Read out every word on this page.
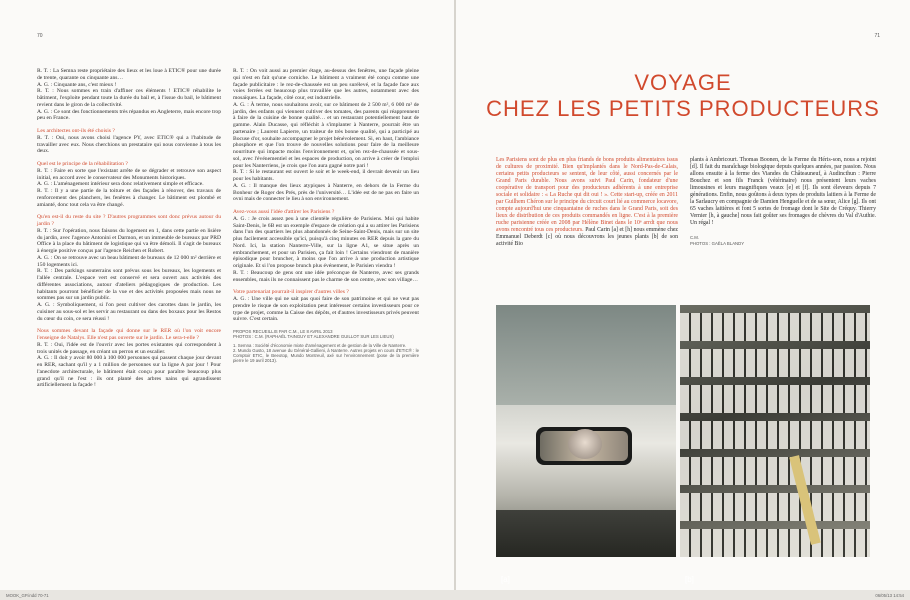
70

R. T. : La Semna reste propriétaire des lieux et les loue à ETIC® pour une durée de trente, quarante ou cinquante ans…

A. G. : Cinquante ans, c'est mieux !

R. T. : Nous sommes en train d'affiner ces éléments ! ETIC® réhabilite le bâtiment, l'exploite pendant toute la durée du bail et, à l'issue du bail, le bâtiment revient dans le giron de la collectivité.

A. G. : Ce sont des fonctionnements très répandus en Angleterre, mais encore trop peu en France.

Les architectes ont-ils été choisis ?

R. T. : Oui, nous avons choisi l'agence PY, avec ETIC® qui a l'habitude de travailler avec eux. Nous cherchions un prestataire qui nous convienne à tous les deux.

Quel est le principe de la réhabilitation ?

R. T. : Faire en sorte que l'existant arrête de se dégrader et retrouve son aspect initial, en accord avec le conservateur des Monuments historiques.

A. G. : L'aménagement intérieur sera donc relativement simple et efficace.

R. T. : Il y a une partie de la toiture et des façades à rénover, des travaux de renforcement des planchers, les fenêtres à changer. Le bâtiment est plombé et amianté, donc tout cela va être changé.

Qu'en est-il du reste du site ? D'autres programmes sont donc prévus autour du jardin ?

R. T. : Sur l'opération, nous faisons du logement en 1, dans cette partie en lisière du jardin, avec l'agence Antonini et Darmon, et un immeuble de bureaux par PRD Office à la place du bâtiment de logistique qui va être démoli. Il s'agit de bureaux à énergie positive conçus par l'agence Reichen et Robert.

A. G. : On se retrouve avec un beau bâtiment de bureaux de 12 000 m² derrière et 150 logements ici.

R. T. : Des parkings souterrains sont prévus sous les bureaux, les logements et l'allée centrale. L'espace vert est conservé et sera ouvert aux activités des différentes associations, autour d'ateliers pédagogiques de production. Les habitants pourront bénéficier de la vue et des activités proposées mais nous ne sommes pas sur un jardin public.

A. G. : Symboliquement, si l'on peut cultiver des carottes dans le jardin, les cuisiner au sous-sol et les servir au restaurant ou dans des boxaux pour les Restos du cœur du coin, ce sera réussi !

Nous sommes devant la façade qui donne sur le RER où l'on voit encore l'enseigne de Natalys. Elle n'est pas ouverte sur le jardin. Le sera-t-elle ?

R. T. : Oui, l'idée est de l'ouvrir avec les portes existantes qui correspondent à trois unités de passage, en créant un perron et un escalier.

A. G. : Il doit y avoir 80 000 à 100 000 personnes qui passent chaque jour devant en RER, sachant qu'il y a 1 million de personnes sur la ligne A par jour ! Pour l'anecdote architecturale, le bâtiment était conçu pour paraître beaucoup plus grand qu'il ne l'est : ils ont planté des arbres nains qui agrandissent artificiellement la façade !

R. T. : On voit aussi au premier étage, au-dessus des fenêtres, une façade pleine qui n'est en fait qu'une corniche. Le bâtiment a vraiment été conçu comme une façade publicitaire : le rez-de-chaussée est un peu surélevé, et la façade face aux voies ferrées est beaucoup plus travaillée que les autres, notamment avec des mosaïques. La façade, côté cour, est industrielle.

A. G. : À terme, nous souhaitons avoir, sur ce bâtiment de 2 500 m², 6 000 m² de jardin, des enfants qui viennent cultiver des tomates, des parents qui réapprennent à faire de la cuisine de bonne qualité… et un restaurant potentiellement haut de gamme. Alain Ducasse, qui réfléchit à s'implanter à Nanterre, pourrait être un partenaire ; Laurent Lapierre, un traiteur de très bonne qualité, qui a participé au Bocuse d'or, souhaite accompagner le projet bénévolement. Si, en haut, l'ambiance phosphore et que l'on trouve de nouvelles solutions pour faire de la meilleure nourriture qui impacte moins l'environnement et, qu'en rez-de-chaussée et sous-sol, avec l'événementiel et les espaces de production, on arrive à créer de l'emploi pour les Nanterriens, je crois que l'on aura gagné notre pari !

R. T. : Si le restaurant est ouvert le soir et le week-end, il devrait devenir un lieu pour les habitants.

A. G. : Il manque des lieux atypiques à Nanterre, en dehors de la Ferme du Bonheur de Roger des Prés, près de l'université… L'idée est de ne pas en faire un ovni mais de connecter le lieu à son environnement.

Avez-vous aussi l'idée d'attirer les Parisiens ?

A. G. : Je crois assez peu à une clientèle régulière de Parisiens. Moi qui habite Saint-Denis, le 6B est un exemple d'espace de création qui a su attirer les Parisiens dans l'un des quartiers les plus abandonnés de Seine-Saint-Denis, mais sur un site plus facilement accessible qu'ici, puisqu'à cinq minutes en RER depuis la gare du Nord. Ici, la station Nanterre-Ville, sur la ligne A1, se situe après un embranchement, et pour un Parisien, ça fait loin ! Certains viendront de manière épisodique pour bruncher, à moins que l'on arrive à une production artistique originale. Et si l'on propose brunch plus événement, le Parisien viendra !

R. T. : Beaucoup de gens ont une idée préconçue de Nanterre, avec ses grands ensembles, mais ils ne connaissent pas le charme de son centre, avec son village…

Votre partenariat pourrait-il inspirer d'autres villes ?

A. G. : Une ville qui ne sait pas quoi faire de son patrimoine et qui ne veut pas prendre le risque de son exploitation peut intéresser certains investisseurs pour ce type de projet, comme la Caisse des dépôts, et d'autres investisseurs privés peuvent suivre. C'est certain.

PROPOS RECUEILLIS PAR C.M., LE 8 AVRIL 2013
PHOTOS : C.M. (RAPHAËL TAINGUY ET ALEXANDRE GUILLOT SUR LES LIEUX)
1. Semna : Société d'économie mixte d'aménagement et de gestion de la Ville de Nanterre.
2. Mundo Gusto, 18 avenue du Général-Gallieni, à Nanterre. Autres projets en cours d'ETIC® : le Comptoir ETIC, le Beeotop, Mundo Montreuil, axé sur l'environnement (pose de la première pierre le 19 avril 2013).
71
VOYAGE
CHEZ LES PETITS PRODUCTEURS
Les Parisiens sont de plus en plus friands de bons produits alimentaires issus de cultures de proximité. Bien qu'implantés dans le Nord-Pas-de-Calais, certains petits producteurs se sentent, de leur côté, aussi concernés par le Grand Paris durable. Nous avons suivi Paul Carin, fondateur d'une coopérative de transport pour des producteurs adhérents à une entreprise sociale et solidaire : « La Ruche qui dit oui ! ». Cette start-up, créée en 2011 par Guilhem Chéron sur le principe du circuit court lié au commerce locavore, compte aujourd'hui une cinquantaine de ruches dans le Grand Paris, soit des lieux de distribution de ces produits commandés en ligne. C'est à la première ruche parisienne créée en 2008 par Hélène Binet dans le 10ᵉ arrdt que nous avons rencontré tous ces producteurs. Paul Carin [a] et [h] nous emmène chez Emmanuel Deberdt [c] où nous découvrons les jeunes plants [b] de son activité Bio
plants à Ambricourt. Thomas Boonen, de la Ferme du Héris-son, nous a rejoint [d]. Il fait du maraîchage biologique depuis quelques années, par passion. Nous allons ensuite à la ferme des Viandes du Châteauneuf, à Audincthun : Pierre Bouchez et son fils Franck (vétérinaire) nous présentent leurs vaches limousines et leurs magnifiques veaux [e] et [f]. Ils sont éleveurs depuis 7 générations. Enfin, nous goûtons à deux types de produits laitiers à la Ferme de la Sarlaucry en compagnie de Damien Henguelle et de sa sœur, Alice [g]. Ils ont 65 vaches laitières et font 5 sortes de fromage dont le Site de Créquy. Thierry Vernier [h, à gauche] nous fait goûter ses fromages de chèvres du Val d'Authie. Un régal !
C.M.
PHOTOS : GAËLA BLANDY
[a]	[b]
MOOK_GP.indd 70-71	06/05/13 14:54
